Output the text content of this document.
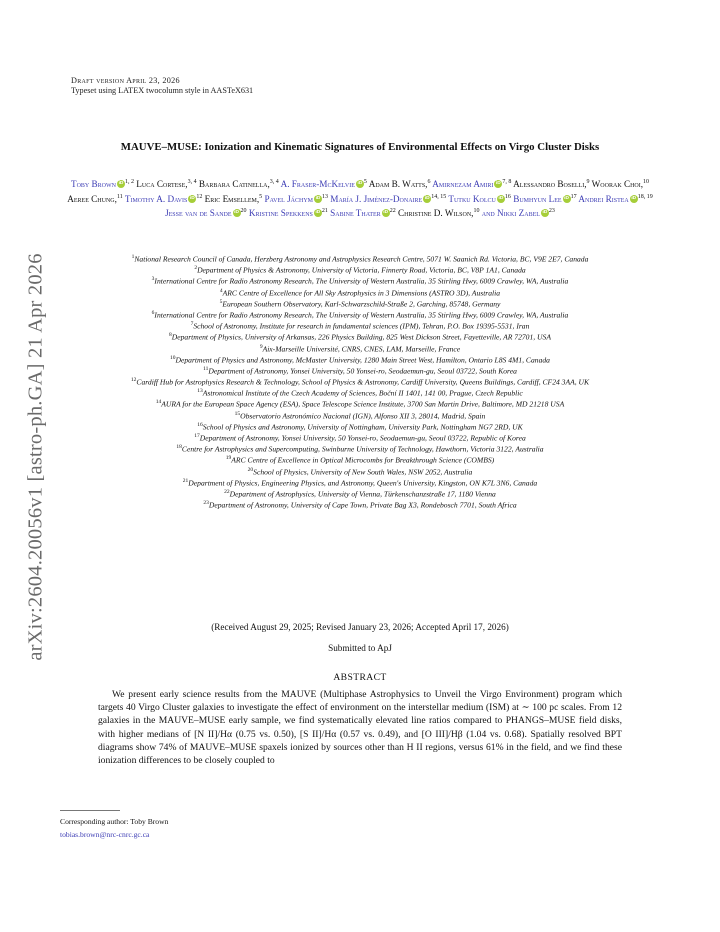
arXiv:2604.20056v1 [astro-ph.GA] 21 Apr 2026
Draft version April 23, 2026
Typeset using LATEX twocolumn style in AASTeX631
MAUVE–MUSE: Ionization and Kinematic Signatures of Environmental Effects on Virgo Cluster Disks
Toby Brown iD $^{1, 2}$ Luca Cortese,$^{3, 4}$ Barbara Catinella,$^{3, 4}$ A. Fraser-McKelvie iD $^5$ Adam B. Watts,$^6$ Amirnezam Amiri iD $^{7, 8}$ Alessandro Boselli,$^9$ Woorak Choi,$^{10}$ Aeree Chung,$^{11}$ Timothy A. Davis iD $^{12}$ Eric Emsellem,$^5$ Pavel Jáchym iD $^{13}$ María J. Jiménez-Donaire iD $^{14, 15}$ Tutku Kolcu iD $^{16}$ Bumhyun Lee iD $^{17}$ Andrei Ristea iD $^{18, 19}$ Jesse van de Sande iD $^{20}$ Kristine Spekkens iD $^{21}$ Sabine Thater iD $^{22}$ Christine D. Wilson,$^{10}$ and Nikki Zabel iD $^{23}$
$^1$National Research Council of Canada, Herzberg Astronomy and Astrophysics Research Centre, 5071 W. Saanich Rd. Victoria, BC, V9E 2E7, Canada
$^2$Department of Physics & Astronomy, University of Victoria, Finnerty Road, Victoria, BC, V8P 1A1, Canada
$^3$International Centre for Radio Astronomy Research, The University of Western Australia, 35 Stirling Hwy, 6009 Crawley, WA, Australia
$^4$ARC Centre of Excellence for All Sky Astrophysics in 3 Dimensions (ASTRO 3D), Australia
$^5$European Southern Observatory, Karl-Schwarzschild-Straße 2, Garching, 85748, Germany
$^6$International Centre for Radio Astronomy Research, The University of Western Australia, 35 Stirling Hwy, 6009 Crawley, WA, Australia
$^7$School of Astronomy, Institute for research in fundamental sciences (IPM), Tehran, P.O. Box 19395-5531, Iran
$^8$Department of Physics, University of Arkansas, 226 Physics Building, 825 West Dickson Street, Fayetteville, AR 72701, USA
$^9$Aix-Marseille Université, CNRS, CNES, LAM, Marseille, France
$^{10}$Department of Physics and Astronomy, McMaster University, 1280 Main Street West, Hamilton, Ontario L8S 4M1, Canada
$^{11}$Department of Astronomy, Yonsei University, 50 Yonsei-ro, Seodaemun-gu, Seoul 03722, South Korea
$^{12}$Cardiff Hub for Astrophysics Research & Technology, School of Physics & Astronomy, Cardiff University, Queens Buildings, Cardiff, CF24 3AA, UK
$^{13}$Astronomical Institute of the Czech Academy of Sciences, Boční II 1401, 141 00, Prague, Czech Republic
$^{14}$AURA for the European Space Agency (ESA), Space Telescope Science Institute, 3700 San Martin Drive, Baltimore, MD 21218 USA
$^{15}$Observatorio Astronómico Nacional (IGN), Alfonso XII 3, 28014, Madrid, Spain
$^{16}$School of Physics and Astronomy, University of Nottingham, University Park, Nottingham NG7 2RD, UK
$^{17}$Department of Astronomy, Yonsei University, 50 Yonsei-ro, Seodaemun-gu, Seoul 03722, Republic of Korea
$^{18}$Centre for Astrophysics and Supercomputing, Swinburne University of Technology, Hawthorn, Victoria 3122, Australia
$^{19}$ARC Centre of Excellence in Optical Microcombs for Breakthrough Science (COMBS)
$^{20}$School of Physics, University of New South Wales, NSW 2052, Australia
$^{21}$Department of Physics, Engineering Physics, and Astronomy, Queen's University, Kingston, ON K7L 3N6, Canada
$^{22}$Department of Astrophysics, University of Vienna, Türkenschanzstraße 17, 1180 Vienna
$^{23}$Department of Astronomy, University of Cape Town, Private Bag X3, Rondebosch 7701, South Africa
(Received August 29, 2025; Revised January 23, 2026; Accepted April 17, 2026)
Submitted to ApJ
ABSTRACT

We present early science results from the MAUVE (Multiphase Astrophysics to Unveil the Virgo Environment) program which targets 40 Virgo Cluster galaxies to investigate the effect of environment on the interstellar medium (ISM) at ∼ 100 pc scales. From 12 galaxies in the MAUVE–MUSE early sample, we find systematically elevated line ratios compared to PHANGS–MUSE field disks, with higher medians of [N II]/Hα (0.75 vs. 0.50), [S II]/Hα (0.57 vs. 0.49), and [O III]/Hβ (1.04 vs. 0.68). Spatially resolved BPT diagrams show 74% of MAUVE–MUSE spaxels ionized by sources other than H II regions, versus 61% in the field, and we find these ionization differences to be closely coupled to

Corresponding author: Toby Brown
tobias.brown@nrc-cnrc.gc.ca
